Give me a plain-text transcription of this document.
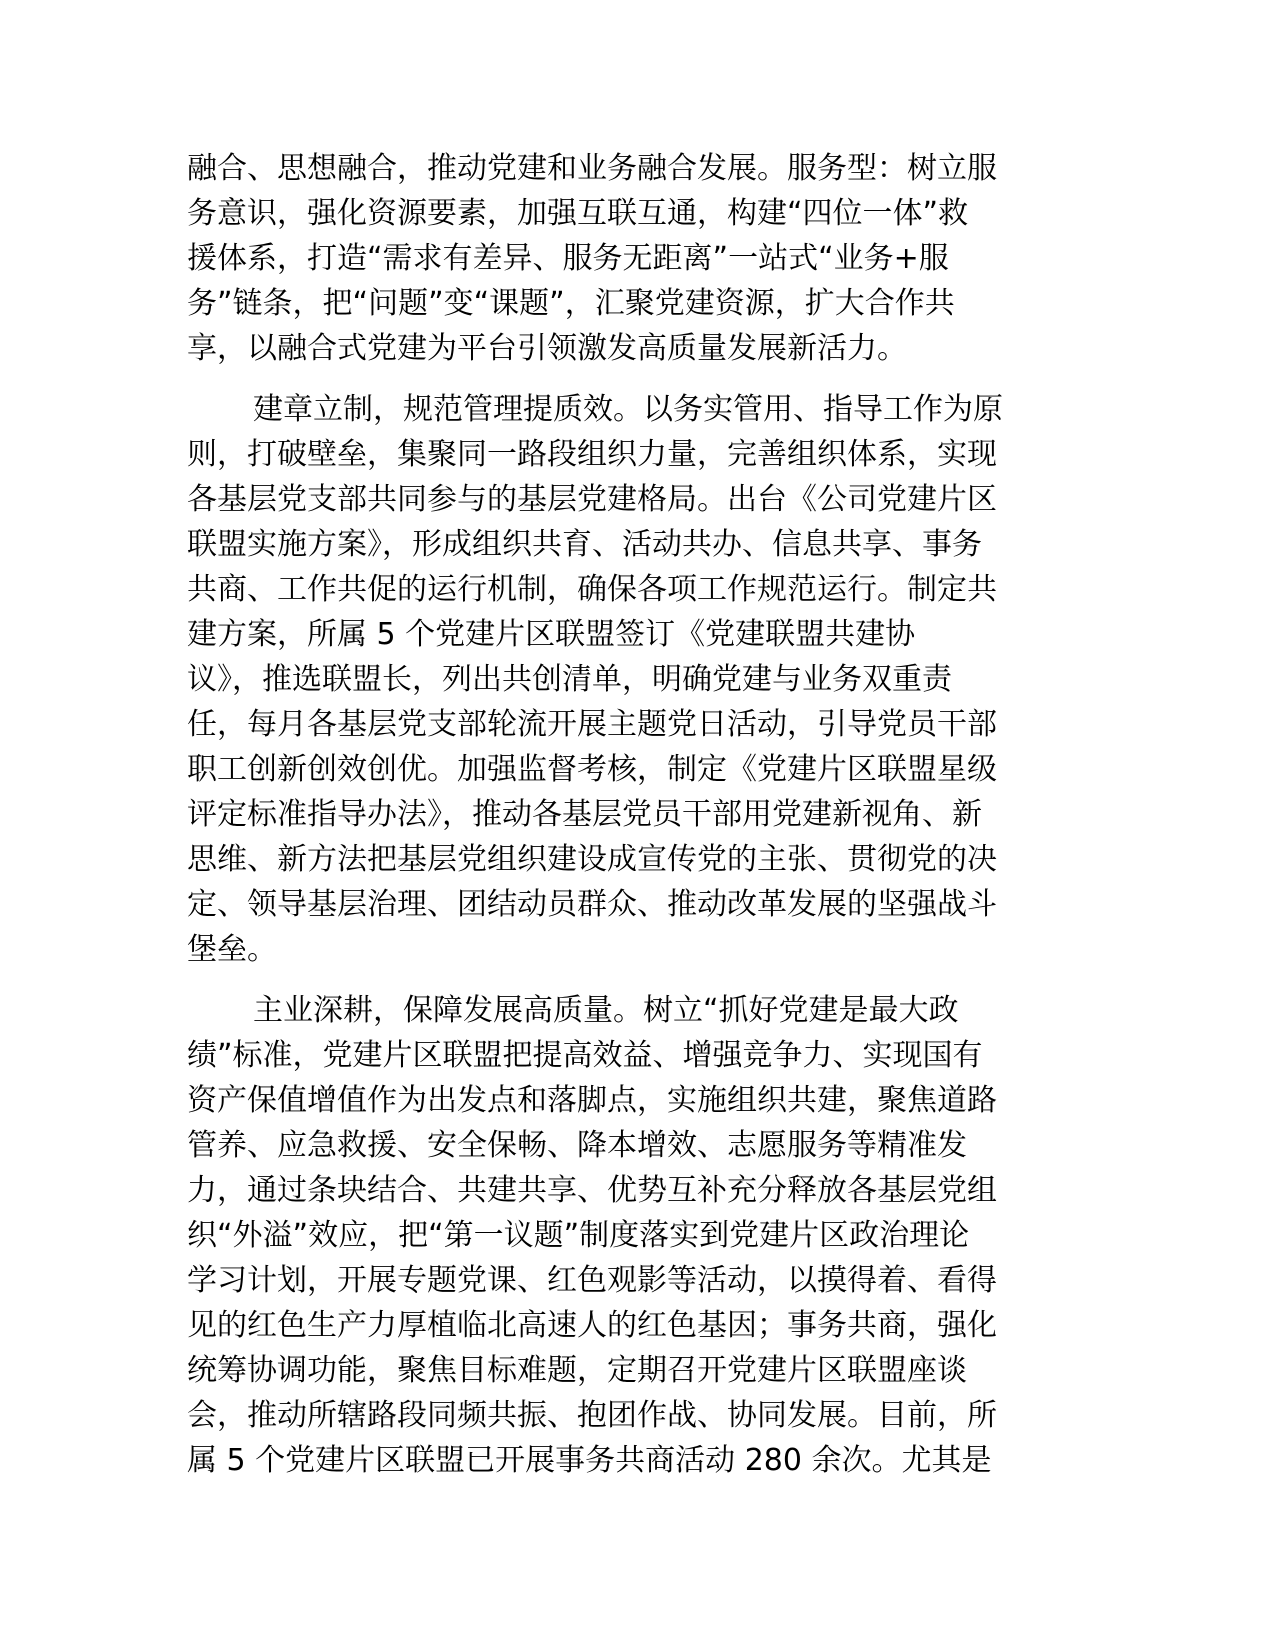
融合、思想融合，推动党建和业务融合发展。服务型：树立服
务意识，强化资源要素，加强互联互通，构建“四位一体”救
援体系，打造“需求有差异、服务无距离”一站式“业务+服
务”链条，把“问题”变“课题”，汇聚党建资源，扩大合作共
享，以融合式党建为平台引领激发高质量发展新活力。
建章立制，规范管理提质效。以务实管用、指导工作为原
则，打破壁垒，集聚同一路段组织力量，完善组织体系，实现
各基层党支部共同参与的基层党建格局。出台《公司党建片区
联盟实施方案》，形成组织共育、活动共办、信息共享、事务
共商、工作共促的运行机制，确保各项工作规范运行。制定共
建方案，所属 5 个党建片区联盟签订《党建联盟共建协
议》，推选联盟长，列出共创清单，明确党建与业务双重责
任，每月各基层党支部轮流开展主题党日活动，引导党员干部
职工创新创效创优。加强监督考核，制定《党建片区联盟星级
评定标准指导办法》，推动各基层党员干部用党建新视角、新
思维、新方法把基层党组织建设成宣传党的主张、贯彻党的决
定、领导基层治理、团结动员群众、推动改革发展的坚强战斗
堡垒。
主业深耕，保障发展高质量。树立“抓好党建是最大政
绩”标准，党建片区联盟把提高效益、增强竞争力、实现国有
资产保值增值作为出发点和落脚点，实施组织共建，聚焦道路
管养、应急救援、安全保畅、降本增效、志愿服务等精准发
力，通过条块结合、共建共享、优势互补充分释放各基层党组
织“外溢”效应，把“第一议题”制度落实到党建片区政治理论
学习计划，开展专题党课、红色观影等活动，以摸得着、看得
见的红色生产力厚植临北高速人的红色基因；事务共商，强化
统筹协调功能，聚焦目标难题，定期召开党建片区联盟座谈
会，推动所辖路段同频共振、抱团作战、协同发展。目前，所
属 5 个党建片区联盟已开展事务共商活动 280 余次。尤其是
